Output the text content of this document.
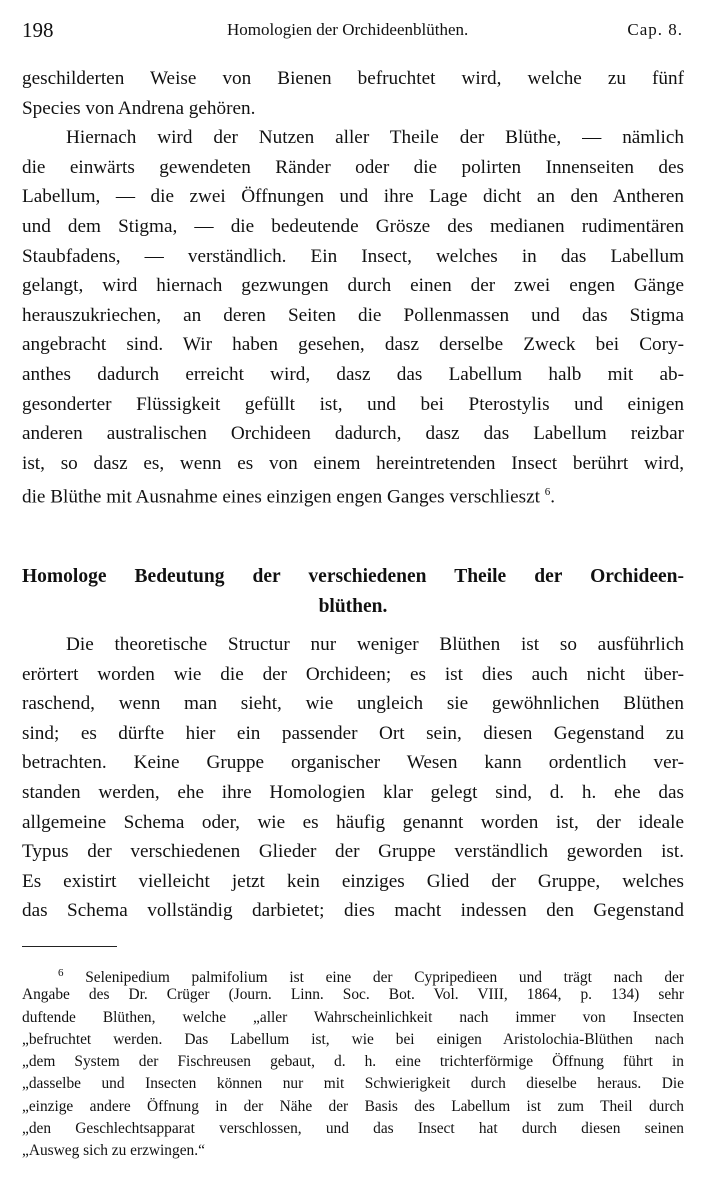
198	Homologien der Orchideenblüthen.	Cap. 8.
geschilderten Weise von Bienen befruchtet wird, welche zu fünf
Species von Andrena gehören.
Hiernach wird der Nutzen aller Theile der Blüthe, — nämlich
die einwärts gewendeten Ränder oder die polirten Innenseiten des
Labellum, — die zwei Öffnungen und ihre Lage dicht an den Antheren
und dem Stigma, — die bedeutende Grösze des medianen rudimentären
Staubfadens, — verständlich. Ein Insect, welches in das Labellum
gelangt, wird hiernach gezwungen durch einen der zwei engen Gänge
herauszukriechen, an deren Seiten die Pollenmassen und das Stigma
angebracht sind. Wir haben gesehen, dasz derselbe Zweck bei Cory-
anthes dadurch erreicht wird, dasz das Labellum halb mit ab-
gesonderter Flüssigkeit gefüllt ist, und bei Pterostylis und einigen
anderen australischen Orchideen dadurch, dasz das Labellum reizbar
ist, so dasz es, wenn es von einem hereintretenden Insect berührt wird,
die Blüthe mit Ausnahme eines einzigen engen Ganges verschlieszt $^6$.
Homologe Bedeutung der verschiedenen Theile der Orchideen-
blüthen.
Die theoretische Structur nur weniger Blüthen ist so ausführlich
erörtert worden wie die der Orchideen; es ist dies auch nicht über-
raschend, wenn man sieht, wie ungleich sie gewöhnlichen Blüthen
sind; es dürfte hier ein passender Ort sein, diesen Gegenstand zu
betrachten. Keine Gruppe organischer Wesen kann ordentlich ver-
standen werden, ehe ihre Homologien klar gelegt sind, d. h. ehe das
allgemeine Schema oder, wie es häufig genannt worden ist, der ideale
Typus der verschiedenen Glieder der Gruppe verständlich geworden ist.
Es existirt vielleicht jetzt kein einziges Glied der Gruppe, welches
das Schema vollständig darbietet; dies macht indessen den Gegenstand
$^6$ Selenipedium palmifolium ist eine der Cypripedieen und trägt nach der
Angabe des Dr. Crüger (Journ. Linn. Soc. Bot. Vol. VIII, 1864, p. 134) sehr
duftende Blüthen, welche „aller Wahrscheinlichkeit nach immer von Insecten
„befruchtet werden. Das Labellum ist, wie bei einigen Aristolochia-Blüthen nach
„dem System der Fischreusen gebaut, d. h. eine trichterförmige Öffnung führt in
„dasselbe und Insecten können nur mit Schwierigkeit durch dieselbe heraus. Die
„einzige andere Öffnung in der Nähe der Basis des Labellum ist zum Theil durch
„den Geschlechtsapparat verschlossen, und das Insect hat durch diesen seinen
„Ausweg sich zu erzwingen.“
